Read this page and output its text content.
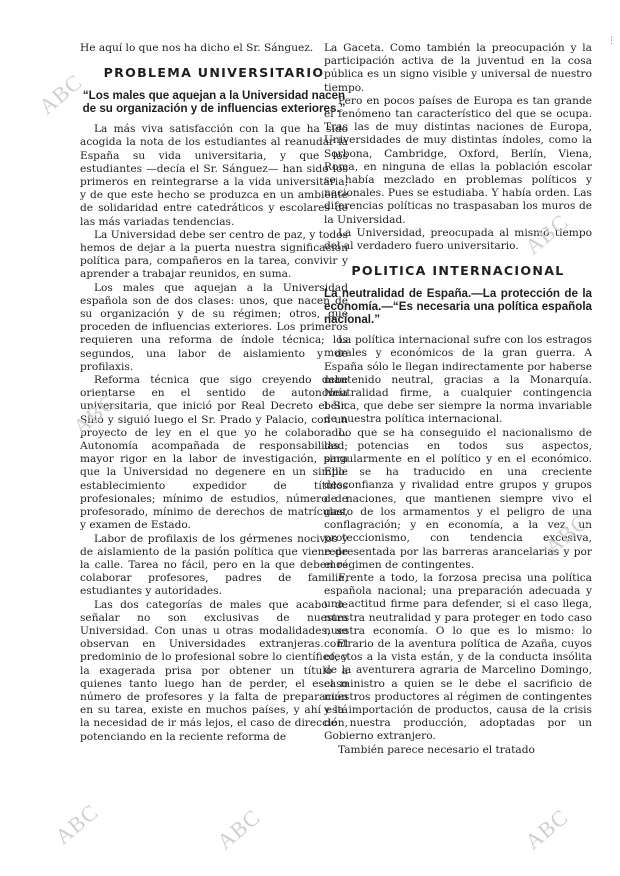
He aquí lo que nos ha dicho el Sr. Sánguez.

PROBLEMA UNIVERSITARIO
“Los males que aquejan a la Universidad nacen de su organización y de influencias exteriores.”

La más viva satisfacción con la que ha sido acogida la nota de los estudiantes al reanudar la España su vida universitaria, y que los estudiantes —decía el Sr. Sánguez— han sido los primeros en reintegrarse a la vida universitaria, y de que este hecho se produzca en un ambiente de solidaridad entre catedráticos y escolares de las más variadas tendencias.

La Universidad debe ser centro de paz, y todos hemos de dejar a la puerta nuestra significación política para, compañeros en la tarea, convivir y aprender a trabajar reunidos, en suma.

Los males que aquejan a la Universidad española son de dos clases: unos, que nacen de su organización y de su régimen; otros, que proceden de influencias exteriores. Los primeros requieren una reforma de índole técnica; los segundos, una labor de aislamiento y de profilaxis.

Reforma técnica que sigo creyendo debe orientarse en el sentido de autonomía universitaria, que inició por Real Decreto el Sr. Silió y siguió luego el Sr. Prado y Palacio, con un proyecto de ley en el que yo he colaborado. Autonomía acompañada de responsabilidad; mayor rigor en la labor de investigación, para que la Universidad no degenere en un simple establecimiento expedidor de títulos profesionales; mínimo de estudios, número de profesorado, mínimo de derechos de matrículas, y examen de Estado.

Labor de profilaxis de los gérmenes nocivos y de aislamiento de la pasión política que viene de la calle. Tarea no fácil, pero en la que debemos colaborar profesores, padres de familia, estudiantes y autoridades.

Las dos categorías de males que acabo de señalar no son exclusivas de nuestra Universidad. Con unas u otras modalidades, se observan en Universidades extranjeras. El predominio de lo profesional sobre lo científico, y la exagerada prisa por obtener un título a quienes tanto luego han de perder, el escaso número de profesores y la falta de preparación en su tarea, existe en muchos países, y ahí está la necesidad de ir más lejos, el caso de dirección, potenciando en la reciente reforma de

La Gaceta. Como también la preocupación y la participación activa de la juventud en la cosa pública es un signo visible y universal de nuestro tiempo.

Pero en pocos países de Europa es tan grande el fenómeno tan característico del que se ocupa. Tras las de muy distintas naciones de Europa, Universidades de muy distintas índoles, como la Sorbona, Cambridge, Oxford, Berlín, Viena, Roma, en ninguna de ellas la población escolar se había mezclado en problemas políticos y nacionales. Pues se estudiaba. Y había orden. Las diferencias políticas no traspasaban los muros de la Universidad.

La Universidad, preocupada al mismo tiempo del al verdadero fuero universitario.

POLITICA INTERNACIONAL
La neutralidad de España.—La protección de la economía.—“Es necesaria una política española nacional.”

La política internacional sufre con los estragos morales y económicos de la gran guerra. A España sólo le llegan indirectamente por haberse mantenido neutral, gracias a la Monarquía. Neutralidad firme, a cualquier contingencia bélica, que debe ser siempre la norma invariable de nuestra política internacional.

Lo que se ha conseguido el nacionalismo de las potencias en todos sus aspectos, singularmente en el político y en el económico. Ello se ha traducido en una creciente desconfianza y rivalidad entre grupos y grupos de naciones, que mantienen siempre vivo el gasto de los armamentos y el peligro de una conflagración; y en economía, a la vez, un proteccionismo, con tendencia excesiva, representada por las barreras arancelarias y por el régimen de contingentes.

Frente a todo, la forzosa precisa una política española nacional; una preparación adecuada y una actitud firme para defender, si el caso llega, nuestra neutralidad y para proteger en todo caso nuestra economía. O lo que es lo mismo: lo contrario de la aventura política de Azaña, cuyos efectos a la vista están, y de la conducta insólita de la aventurera agraria de Marcelino Domingo, el ministro a quien se le debe el sacrificio de nuestros productores al régimen de contingentes y la importación de productos, causa de la crisis de nuestra producción, adoptadas por un Gobierno extranjero.

También parece necesario el tratado

ABC
ABC
ABC
ABC
ABC	ABC	ABC
⋮
